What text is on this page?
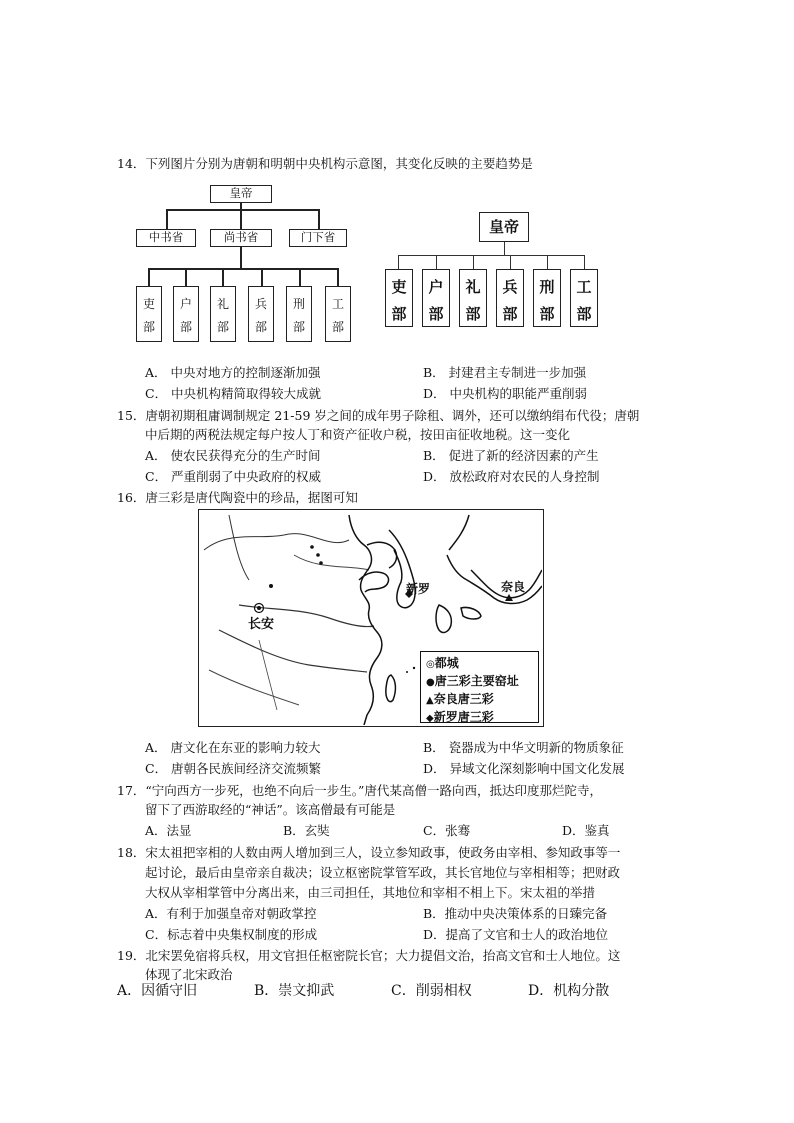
14．下列图片分别为唐朝和明朝中央机构示意图，其变化反映的主要趋势是
皇帝
中书省	尚书省	门下省
吏
部
户
部
礼
部
兵
部
刑
部
工
部
皇帝
吏
部
户
部
礼
部
兵
部
刑
部
工
部
A． 中央对地方的控制逐渐加强	B． 封建君主专制进一步加强
C． 中央机构精简取得较大成就	D． 中央机构的职能严重削弱
15．唐朝初期租庸调制规定 21-59 岁之间的成年男子除租、调外，还可以缴纳绢布代役；唐朝
中后期的两税法规定每户按人丁和资产征收户税，按田亩征收地税。这一变化
A． 使农民获得充分的生产时间	B． 促进了新的经济因素的产生
C． 严重削弱了中央政府的权威	D． 放松政府对农民的人身控制
16．唐三彩是唐代陶瓷中的珍品，据图可知
长安
新罗	奈良
◎都城
●唐三彩主要窑址
▲奈良唐三彩
◆新罗唐三彩
A． 唐文化在东亚的影响力较大	B． 瓷器成为中华文明新的物质象征
C． 唐朝各民族间经济交流频繁	D． 异域文化深刻影响中国文化发展
17．“宁向西方一步死，也绝不向后一步生。”唐代某高僧一路向西，抵达印度那烂陀寺，
留下了西游取经的“神话”。该高僧最有可能是
A．法显	B．玄奘	C．张骞	D．鉴真
18．宋太祖把宰相的人数由两人增加到三人，设立参知政事，使政务由宰相、参知政事等一
起讨论，最后由皇帝亲自裁决；设立枢密院掌管军政，其长官地位与宰相相等；把财政
大权从宰相掌管中分离出来，由三司担任，其地位和宰相不相上下。宋太祖的举措
A．有利于加强皇帝对朝政掌控	B．推动中央决策体系的日臻完备
C．标志着中央集权制度的形成	D．提高了文官和士人的政治地位
19．北宋罢免宿将兵权，用文官担任枢密院长官；大力提倡文治，抬高文官和士人地位。这
体现了北宋政治
A．因循守旧	B．崇文抑武	C．削弱相权	D．机构分散
